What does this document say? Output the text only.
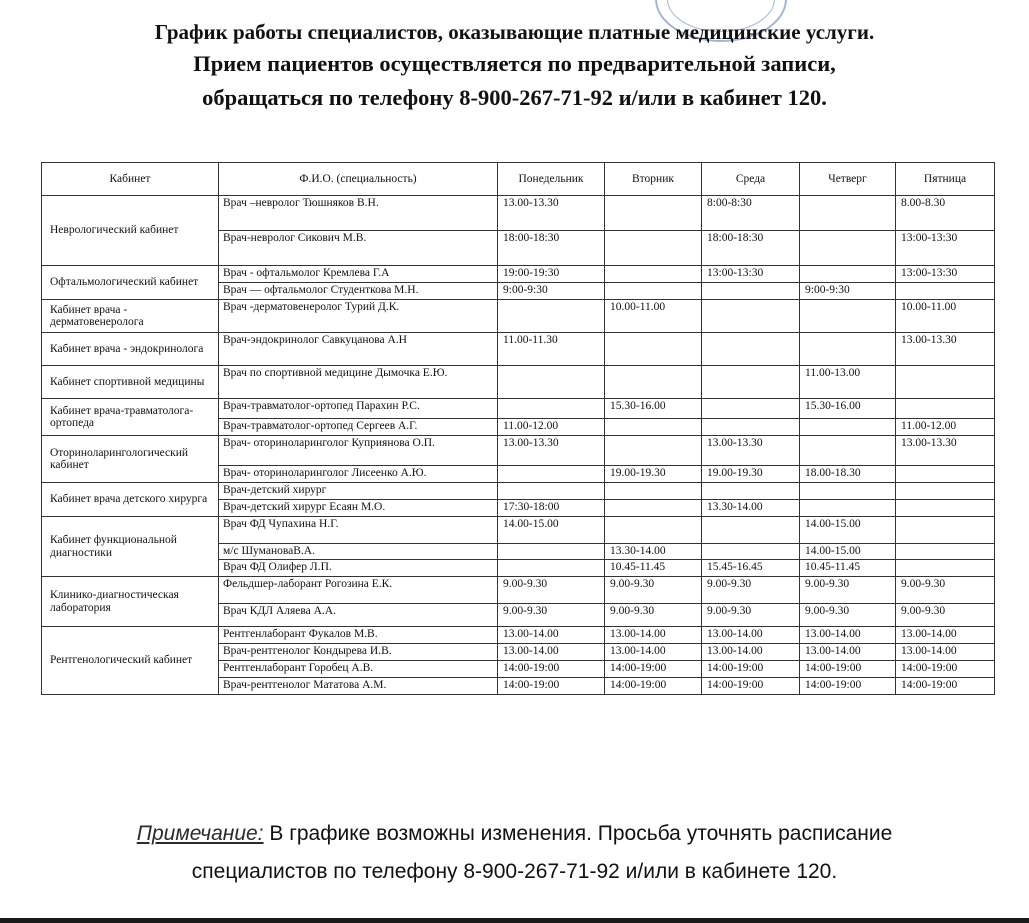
График работы специалистов, оказывающие платные медицинские услуги.
Прием пациентов осуществляется по предварительной записи,
обращаться по телефону 8-900-267-71-92 и/или в кабинет 120.
Кабинет	Ф.И.О. (специальность)	Понедельник	Вторник	Среда	Четверг	Пятница
Неврологический кабинет	Врач –невролог Тюшняков В.Н.	13.00-13.30		8:00-8:30		8.00-8.30
	Врач-невролог Сикович М.В.	18:00-18:30		18:00-18:30		13:00-13:30
Офтальмологический кабинет	Врач - офтальмолог Кремлева Г.А	19:00-19:30		13:00-13:30		13:00-13:30
	Врач — офтальмолог Студенткова М.Н.	9:00-9:30			9:00-9:30	
Кабинет врача - дерматовенеролога	Врач -дерматовенеролог Турий Д.К.		10.00-11.00			10.00-11.00
Кабинет врача - эндокринолога	Врач-эндокринолог Савкуцанова А.Н	11.00-11.30				13.00-13.30
Кабинет спортивной медицины	Врач по спортивной медицине Дымочка Е.Ю.				11.00-13.00	
Кабинет врача-травматолога-ортопеда	Врач-травматолог-ортопед Парахин Р.С.		15.30-16.00		15.30-16.00	
	Врач-травматолог-ортопед Сергеев А.Г.	11.00-12.00				11.00-12.00
Оториноларингологический кабинет	Врач- оториноларинголог Куприянова О.П.	13.00-13.30		13.00-13.30		13.00-13.30
	Врач- оториноларинголог Лисеенко А.Ю.		19.00-19.30	19.00-19.30	18.00-18.30	
Кабинет врача детского хирурга	Врач-детский хирург					
	Врач-детский хирург Есаян М.О.	17:30-18:00		13.30-14.00		
Кабинет функциональной диагностики	Врач ФД Чупахина Н.Г.	14.00-15.00			14.00-15.00	
	м/с ШумановаВ.А.		13.30-14.00		14.00-15.00	
	Врач ФД Олифер Л.П.		10.45-11.45	15.45-16.45	10.45-11.45	
Клинико-диагностическая лаборатория	Фельдшер-лаборант Рогозина Е.К.	9.00-9.30	9.00-9.30	9.00-9.30	9.00-9.30	9.00-9.30
	Врач КДЛ Аляева А.А.	9.00-9.30	9.00-9.30	9.00-9.30	9.00-9.30	9.00-9.30
Рентгенологический кабинет	Рентгенлаборант Фукалов М.В.	13.00-14.00	13.00-14.00	13.00-14.00	13.00-14.00	13.00-14.00
	Врач-рентгенолог Кондырева И.В.	13.00-14.00	13.00-14.00	13.00-14.00	13.00-14.00	13.00-14.00
	Рентгенлаборант Горобец А.В.	14:00-19:00	14:00-19:00	14:00-19:00	14:00-19:00	14:00-19:00
	Врач-рентгенолог Мататова А.М.	14:00-19:00	14:00-19:00	14:00-19:00	14:00-19:00	14:00-19:00
Примечание: В графике возможны изменения. Просьба уточнять расписание
специалистов по телефону 8-900-267-71-92 и/или в кабинете 120.
